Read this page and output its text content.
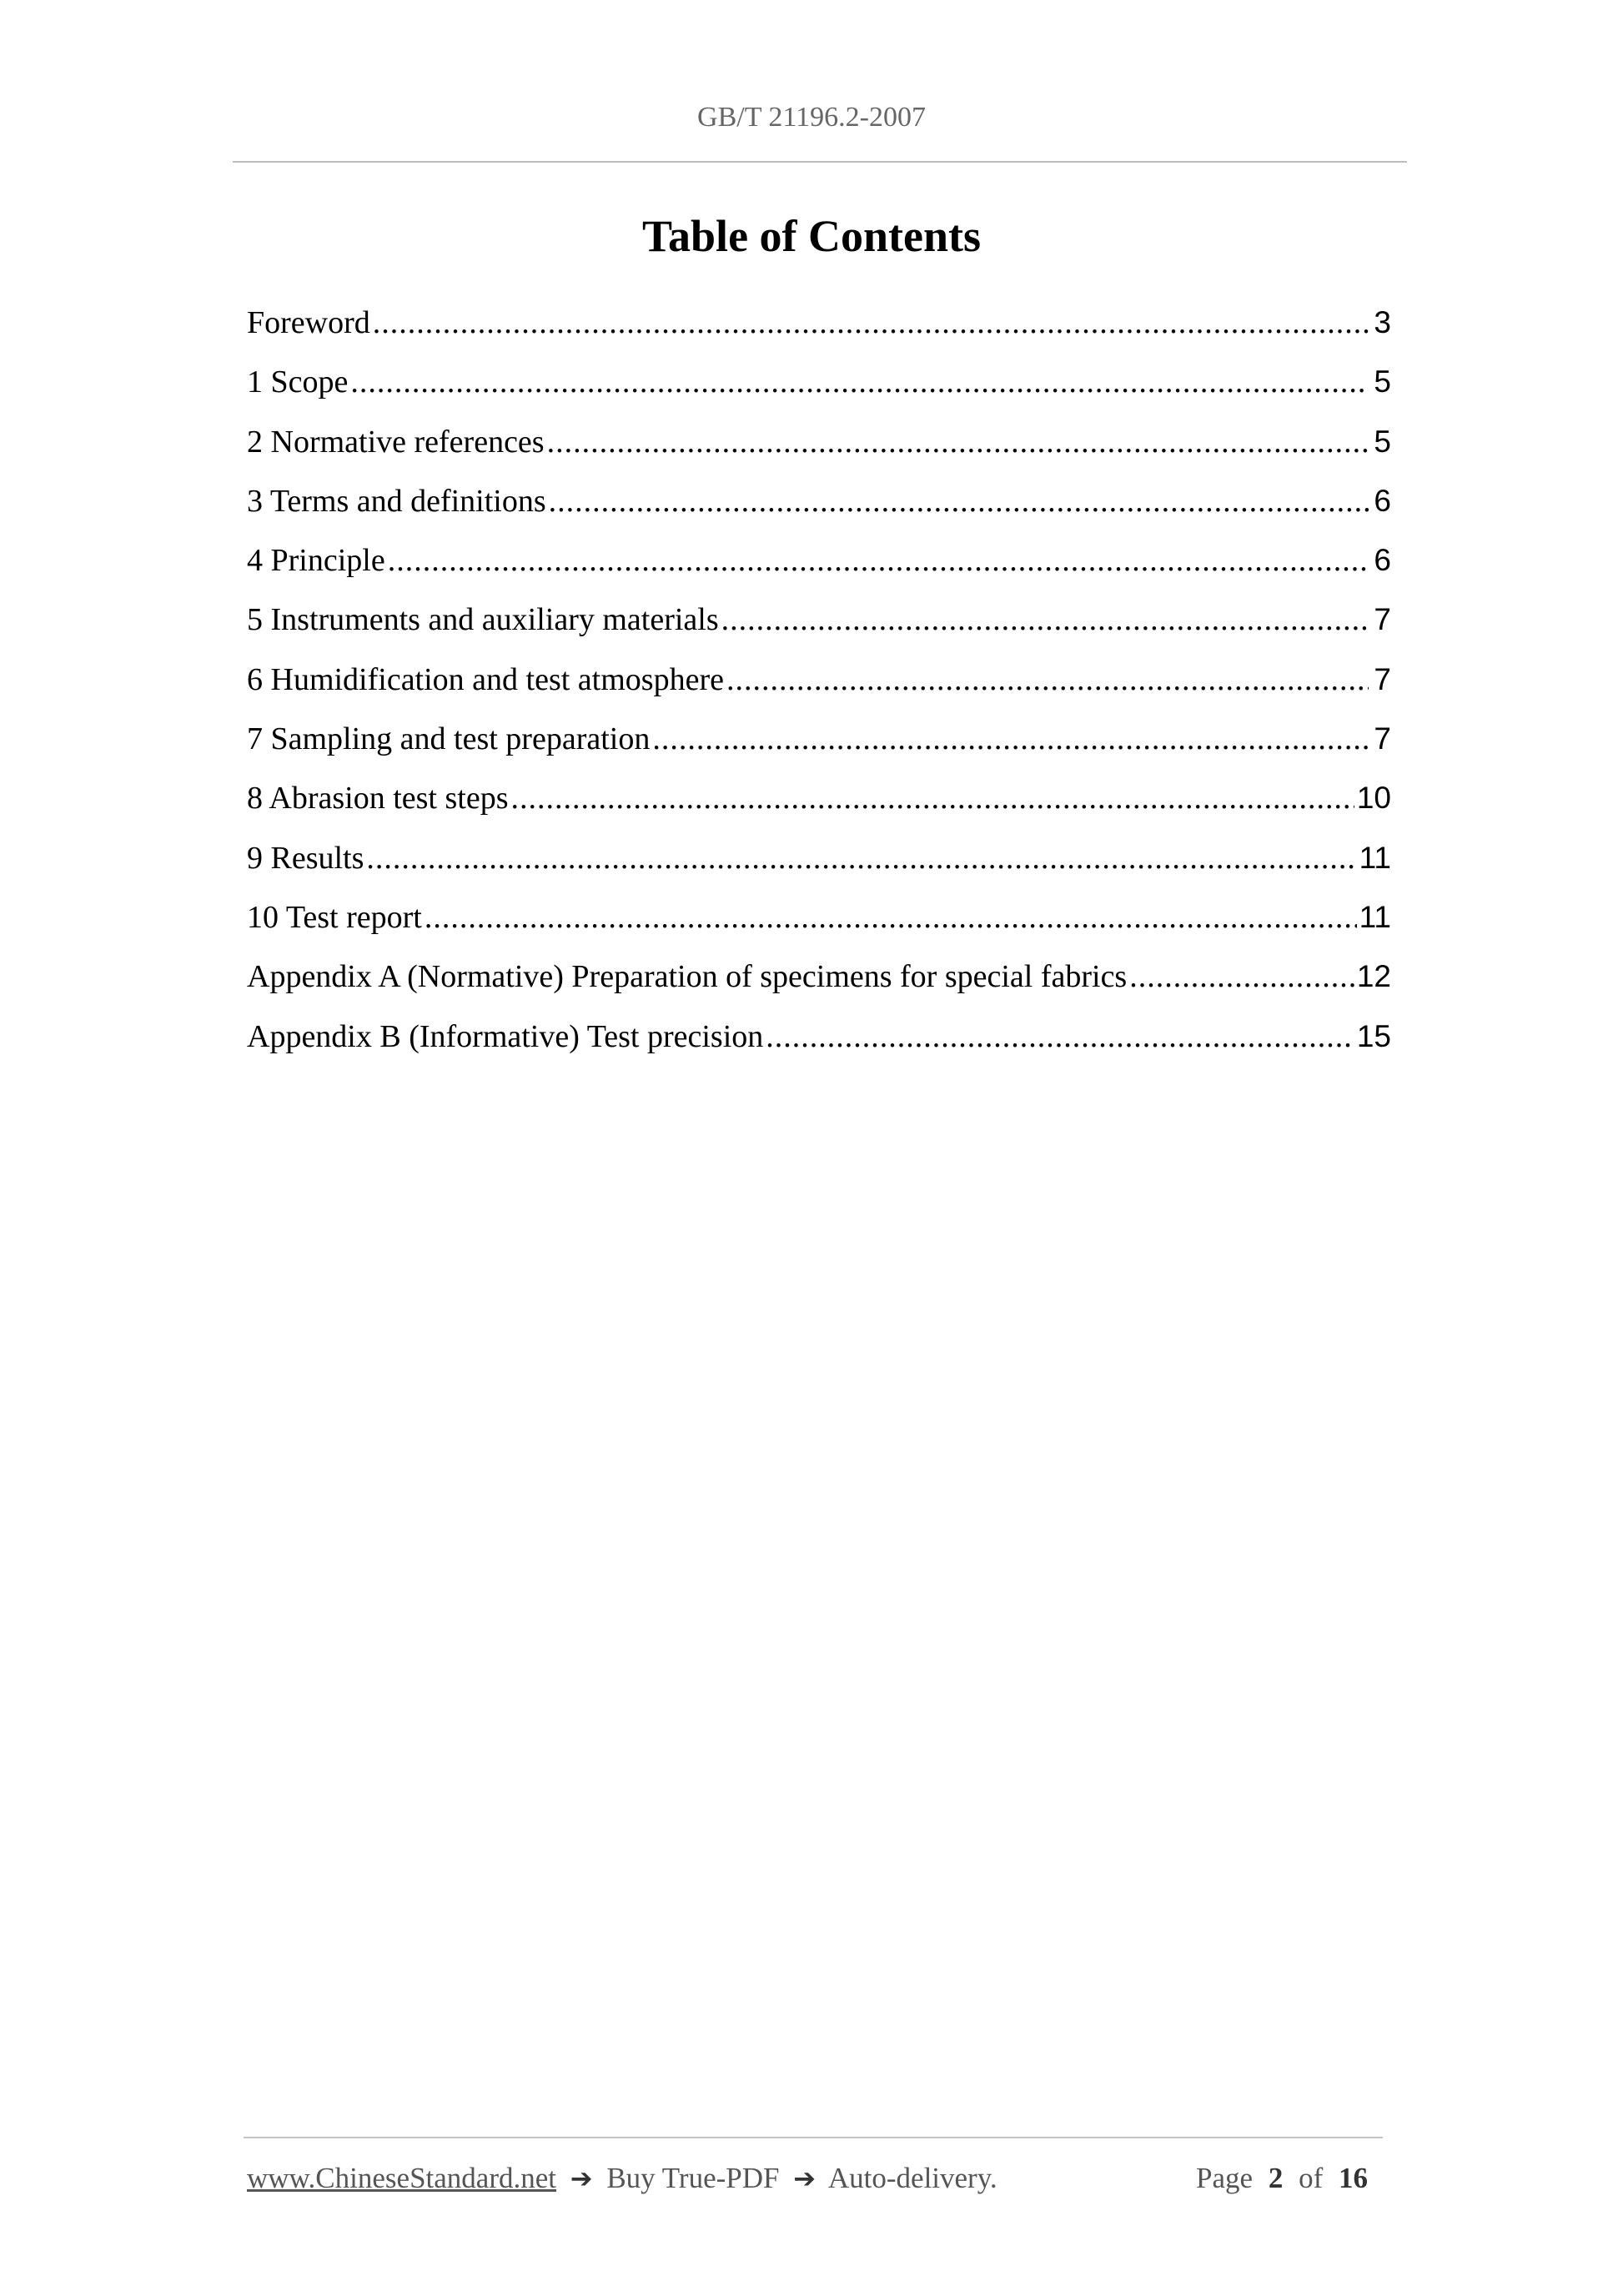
GB/T 21196.2-2007
Table of Contents
Foreword .....	3
1 Scope .....	5
2 Normative references .....	5
3 Terms and definitions .....	6
4 Principle .....	6
5 Instruments and auxiliary materials .....	7
6 Humidification and test atmosphere .....	7
7 Sampling and test preparation .....	7
8 Abrasion test steps .....	10
9 Results .....	11
10 Test report .....	11
Appendix A (Normative) Preparation of specimens for special fabrics .....	12
Appendix B (Informative) Test precision .....	15
www.ChineseStandard.net ➔ Buy True-PDF ➔ Auto-delivery.	Page 2 of 16
